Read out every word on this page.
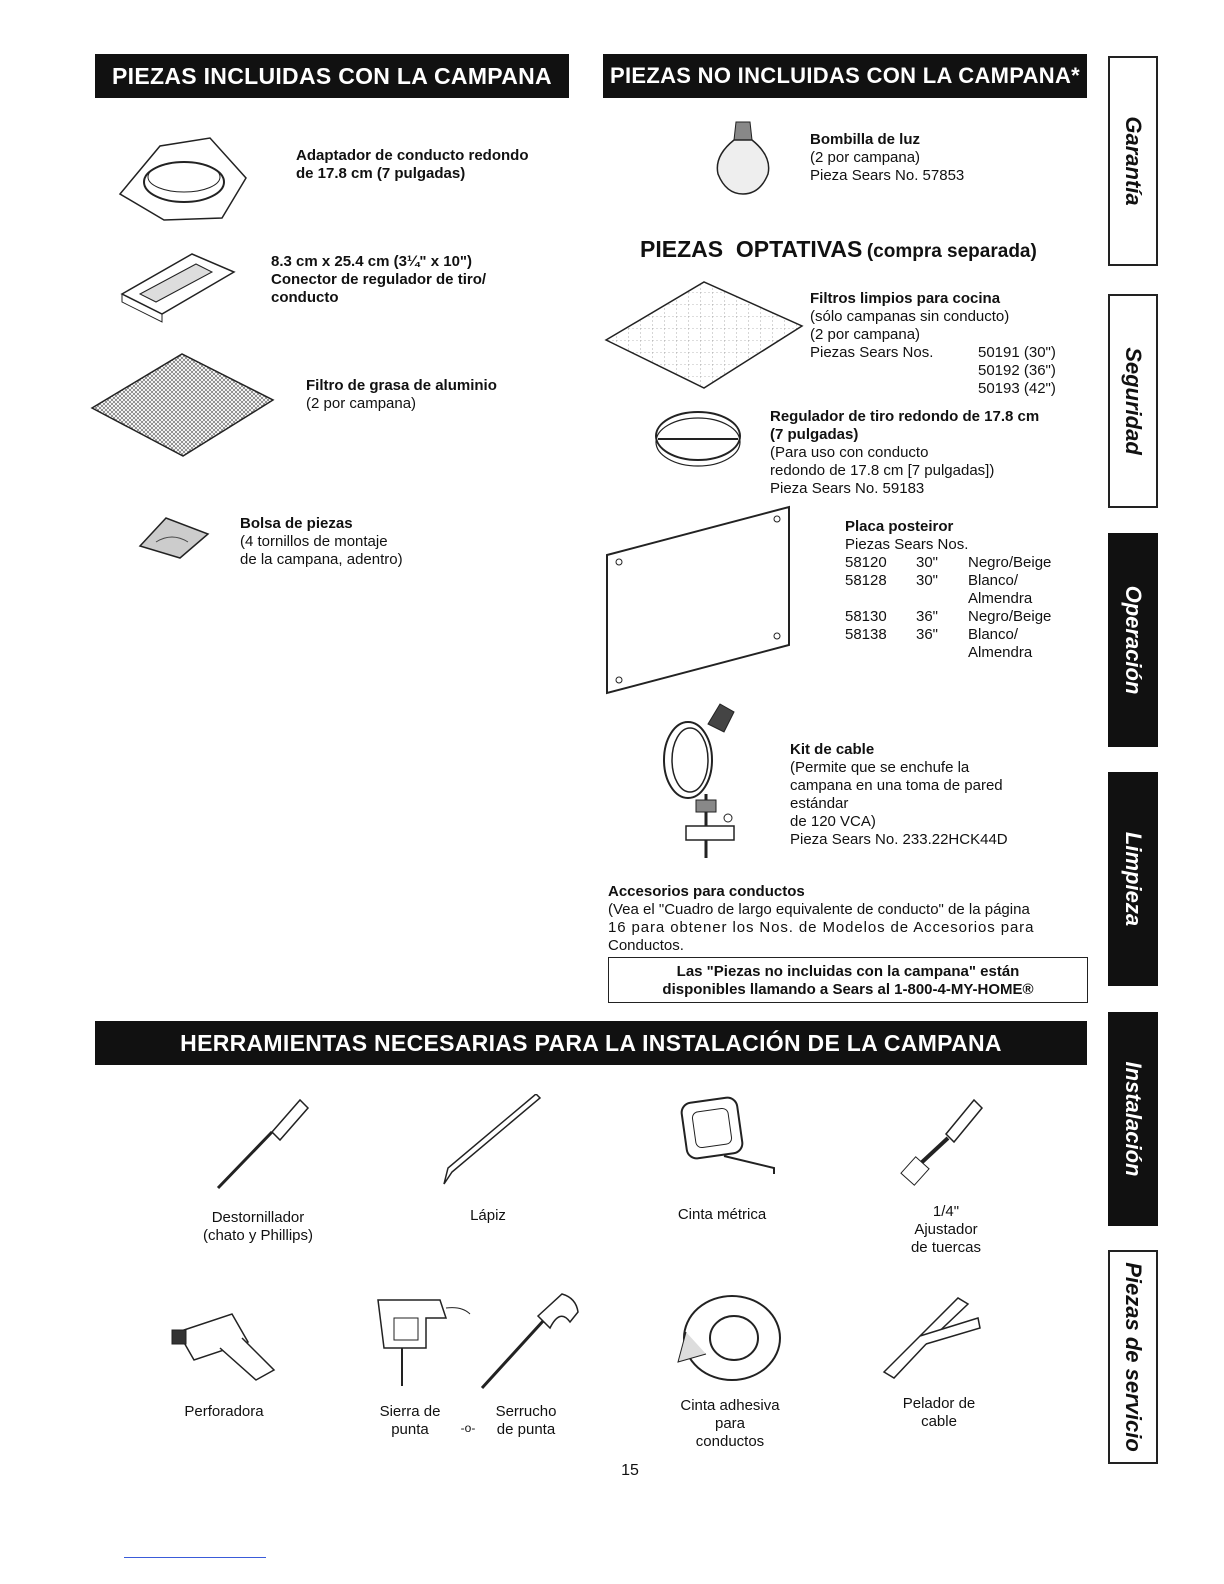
PIEZAS INCLUIDAS CON LA CAMPANA	PIEZAS NO INCLUIDAS CON LA CAMPANA*
Adaptador de conducto redondo
de 17.8 cm (7 pulgadas)
8.3 cm x 25.4 cm (3¼" x 10")
Conector de regulador de tiro/
conducto
Filtro de grasa de aluminio
(2 por campana)
Bolsa de piezas
(4 tornillos de montaje
de la campana, adentro)
Bombilla de luz
(2 por campana)
Pieza Sears No. 57853
PIEZAS  OPTATIVAS (compra separada)
Filtros limpios para cocina
(sólo campanas sin conducto)
(2 por campana)
Piezas Sears Nos.	50191 (30")
50192 (36")
50193 (42")
Regulador de tiro redondo de 17.8 cm
(7 pulgadas)
(Para uso con conducto
redondo de 17.8 cm [7 pulgadas])
Pieza Sears No. 59183
Placa posteiror
Piezas Sears Nos.
58120 30" Negro/Beige
58128 30" Blanco/
Almendra
58130 36" Negro/Beige
58138 36" Blanco/
Almendra
Kit de cable
(Permite que se enchufe la
campana en una toma de pared
estándar
de 120 VCA)
Pieza Sears No. 233.22HCK44D
Accesorios para conductos
(Vea el "Cuadro de largo equivalente de conducto" de la página
16 para obtener los Nos. de Modelos de Accesorios para
Conductos.
Las "Piezas no incluidas con la campana" están
disponibles llamando a Sears al 1-800-4-MY-HOME®
HERRAMIENTAS NECESARIAS PARA LA INSTALACIÓN DE LA CAMPANA
Destornillador
(chato y Phillips)
Lápiz	Cinta métrica	1/4"
Ajustador
de tuercas
Perforadora	Sierra de
punta	-o-
Serrucho
de punta
Cinta adhesiva
para
conductos
Pelador de
cable
15
Garantía
Seguridad
Operación
Limpieza
Instalación
Piezas de servicio
